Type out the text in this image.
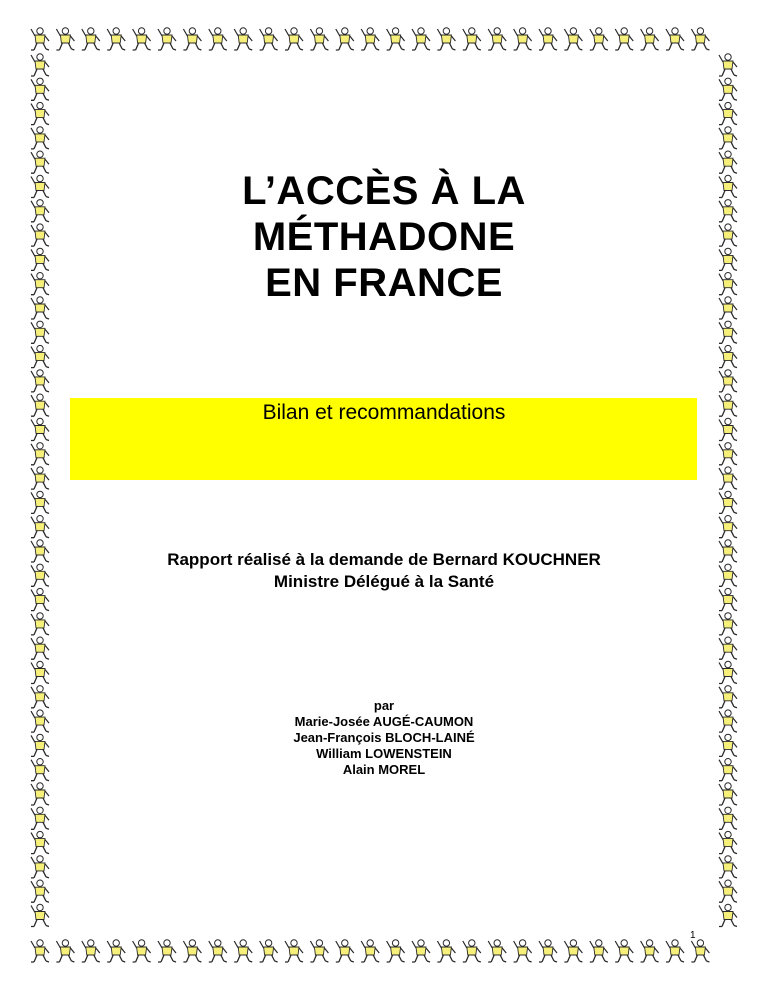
L’ACCÈS À LA
MÉTHADONE
EN FRANCE
Bilan et recommandations
Rapport réalisé à la demande de Bernard KOUCHNER
Ministre Délégué à la Santé
par
Marie-Josée AUGÉ-CAUMON
Jean-François BLOCH-LAINÉ
William LOWENSTEIN
Alain MOREL
1
